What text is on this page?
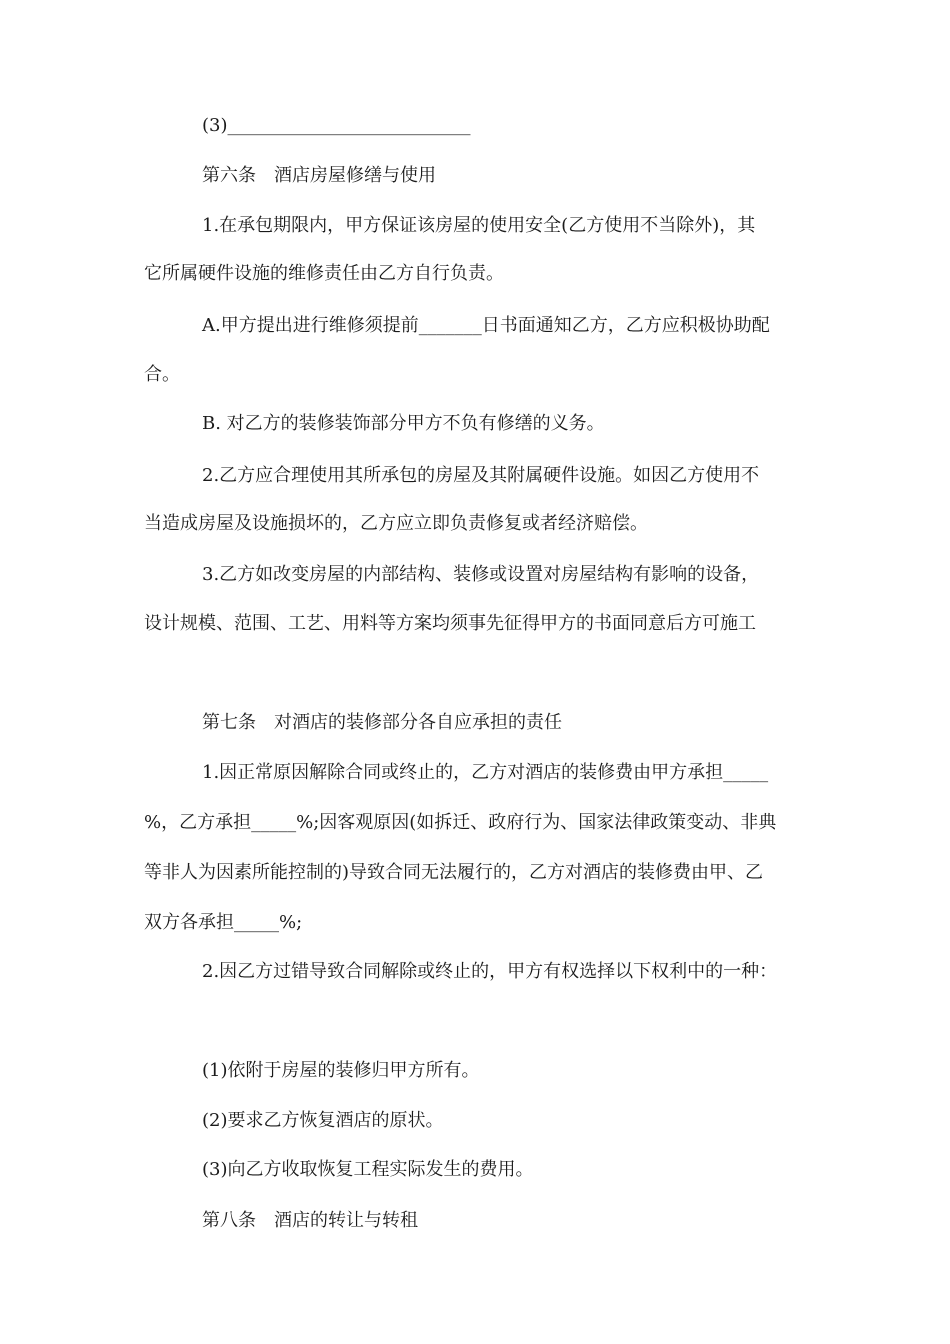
(3)___________________________
第六条　酒店房屋修缮与使用
1.在承包期限内，甲方保证该房屋的使用安全(乙方使用不当除外)，其
它所属硬件设施的维修责任由乙方自行负责。
A.甲方提出进行维修须提前_______日书面通知乙方，乙方应积极协助配
合。
B. 对乙方的装修装饰部分甲方不负有修缮的义务。
2.乙方应合理使用其所承包的房屋及其附属硬件设施。如因乙方使用不
当造成房屋及设施损坏的，乙方应立即负责修复或者经济赔偿。
3.乙方如改变房屋的内部结构、装修或设置对房屋结构有影响的设备，
设计规模、范围、工艺、用料等方案均须事先征得甲方的书面同意后方可施工
第七条　对酒店的装修部分各自应承担的责任
1.因正常原因解除合同或终止的，乙方对酒店的装修费由甲方承担_____
%，乙方承担_____%;因客观原因(如拆迁、政府行为、国家法律政策变动、非典
等非人为因素所能控制的)导致合同无法履行的，乙方对酒店的装修费由甲、乙
双方各承担_____%;
2.因乙方过错导致合同解除或终止的，甲方有权选择以下权利中的一种：
(1)依附于房屋的装修归甲方所有。
(2)要求乙方恢复酒店的原状。
(3)向乙方收取恢复工程实际发生的费用。
第八条　酒店的转让与转租
